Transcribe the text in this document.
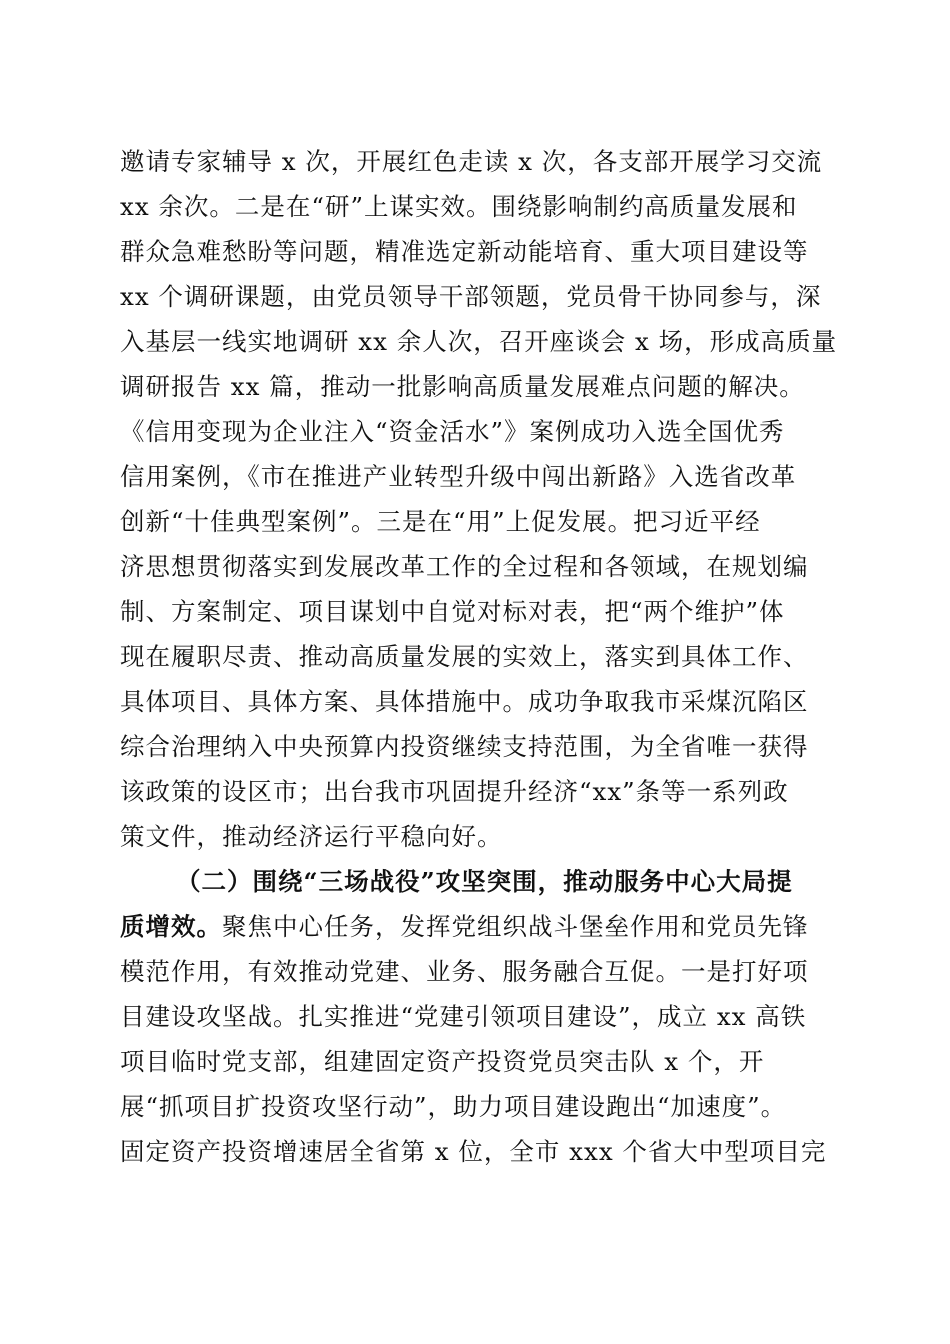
邀请专家辅导 x 次，开展红色走读 x 次，各支部开展学习交流
xx 余次。二是在“研”上谋实效。围绕影响制约高质量发展和
群众急难愁盼等问题，精准选定新动能培育、重大项目建设等
xx 个调研课题，由党员领导干部领题，党员骨干协同参与，深
入基层一线实地调研 xx 余人次，召开座谈会 x 场，形成高质量
调研报告 xx 篇，推动一批影响高质量发展难点问题的解决。
《信用变现为企业注入“资金活水”》案例成功入选全国优秀
信用案例，《市在推进产业转型升级中闯出新路》入选省改革
创新“十佳典型案例”。三是在“用”上促发展。把习近平经
济思想贯彻落实到发展改革工作的全过程和各领域，在规划编
制、方案制定、项目谋划中自觉对标对表，把“两个维护”体
现在履职尽责、推动高质量发展的实效上，落实到具体工作、
具体项目、具体方案、具体措施中。成功争取我市采煤沉陷区
综合治理纳入中央预算内投资继续支持范围，为全省唯一获得
该政策的设区市；出台我市巩固提升经济“xx”条等一系列政
策文件，推动经济运行平稳向好。
（二）围绕“三场战役”攻坚突围，推动服务中心大局提
质增效。聚焦中心任务，发挥党组织战斗堡垒作用和党员先锋
模范作用，有效推动党建、业务、服务融合互促。一是打好项
目建设攻坚战。扎实推进“党建引领项目建设”，成立 xx 高铁
项目临时党支部，组建固定资产投资党员突击队 x 个，开
展“抓项目扩投资攻坚行动”，助力项目建设跑出“加速度”。
固定资产投资增速居全省第 x 位，全市 xxx 个省大中型项目完
